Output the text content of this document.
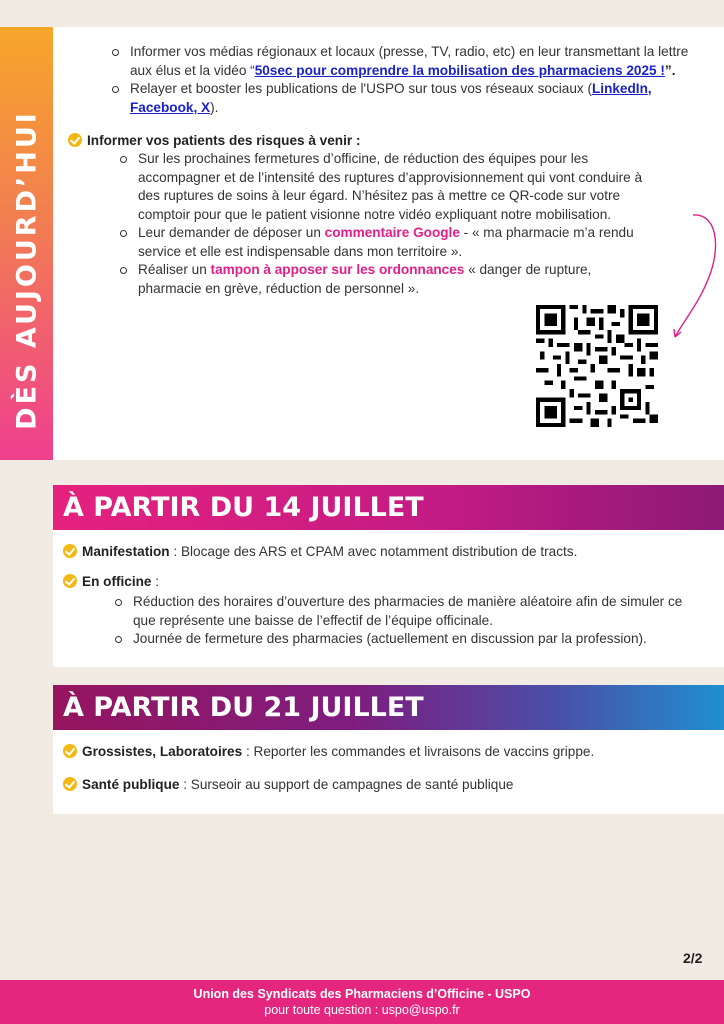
DÈS AUJOURD’HUI
Informer vos médias régionaux et locaux (presse, TV, radio, etc) en leur transmettant la lettre aux élus et la vidéo “50sec pour comprendre la mobilisation des pharmaciens 2025 !”.
Relayer et booster les publications de l'USPO sur tous vos réseaux sociaux (LinkedIn, Facebook, X).
Informer vos patients des risques à venir :
Sur les prochaines fermetures d’officine, de réduction des équipes pour les accompagner et de l’intensité des ruptures d’approvisionnement qui vont conduire à des ruptures de soins à leur égard. N’hésitez pas à mettre ce QR-code sur votre comptoir pour que le patient visionne notre vidéo expliquant notre mobilisation.
Leur demander de déposer un commentaire Google - « ma pharmacie m’a rendu service et elle est indispensable dans mon territoire ».
Réaliser un tampon à apposer sur les ordonnances « danger de rupture, pharmacie en grève, réduction de personnel ».
À PARTIR DU 14 JUILLET
Manifestation : Blocage des ARS et CPAM avec notamment distribution de tracts.
En officine :
Réduction des horaires d’ouverture des pharmacies de manière aléatoire afin de simuler ce que représente une baisse de l’effectif de l’équipe officinale.
Journée de fermeture des pharmacies (actuellement en discussion par la profession).
À PARTIR DU 21 JUILLET
Grossistes, Laboratoires : Reporter les commandes et livraisons de vaccins grippe.
Santé publique : Surseoir au support de campagnes de santé publique
2/2
Union des Syndicats des Pharmaciens d’Officine - USPO
pour toute question : uspo@uspo.fr
